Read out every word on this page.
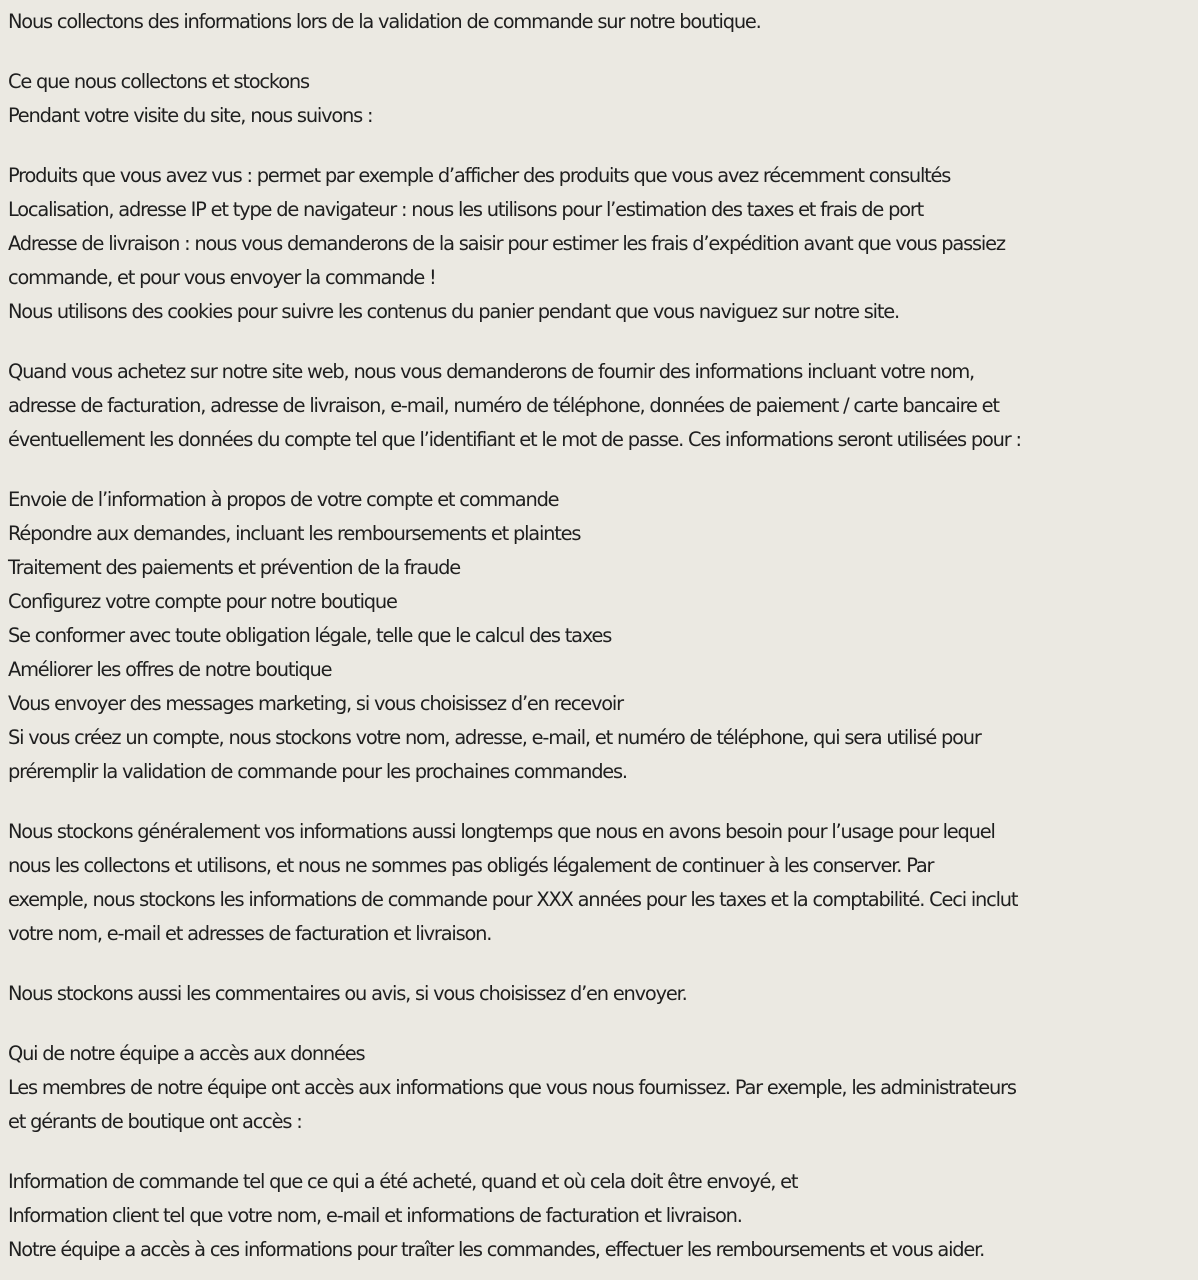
Nous collectons des informations lors de la validation de commande sur notre boutique.

Ce que nous collectons et stockons
Pendant votre visite du site, nous suivons :

Produits que vous avez vus : permet par exemple d’afficher des produits que vous avez récemment consultés
Localisation, adresse IP et type de navigateur : nous les utilisons pour l’estimation des taxes et frais de port
Adresse de livraison : nous vous demanderons de la saisir pour estimer les frais d’expédition avant que vous passiez
commande, et pour vous envoyer la commande !
Nous utilisons des cookies pour suivre les contenus du panier pendant que vous naviguez sur notre site.

Quand vous achetez sur notre site web, nous vous demanderons de fournir des informations incluant votre nom,
adresse de facturation, adresse de livraison, e-mail, numéro de téléphone, données de paiement / carte bancaire et
éventuellement les données du compte tel que l’identifiant et le mot de passe. Ces informations seront utilisées pour :

Envoie de l’information à propos de votre compte et commande
Répondre aux demandes, incluant les remboursements et plaintes
Traitement des paiements et prévention de la fraude
Configurez votre compte pour notre boutique
Se conformer avec toute obligation légale, telle que le calcul des taxes
Améliorer les offres de notre boutique
Vous envoyer des messages marketing, si vous choisissez d’en recevoir
Si vous créez un compte, nous stockons votre nom, adresse, e-mail, et numéro de téléphone, qui sera utilisé pour
préremplir la validation de commande pour les prochaines commandes.

Nous stockons généralement vos informations aussi longtemps que nous en avons besoin pour l’usage pour lequel
nous les collectons et utilisons, et nous ne sommes pas obligés légalement de continuer à les conserver. Par
exemple, nous stockons les informations de commande pour XXX années pour les taxes et la comptabilité. Ceci inclut
votre nom, e-mail et adresses de facturation et livraison.

Nous stockons aussi les commentaires ou avis, si vous choisissez d’en envoyer.

Qui de notre équipe a accès aux données
Les membres de notre équipe ont accès aux informations que vous nous fournissez. Par exemple, les administrateurs
et gérants de boutique ont accès :

Information de commande tel que ce qui a été acheté, quand et où cela doit être envoyé, et
Information client tel que votre nom, e-mail et informations de facturation et livraison.
Notre équipe a accès à ces informations pour traîter les commandes, effectuer les remboursements et vous aider.
